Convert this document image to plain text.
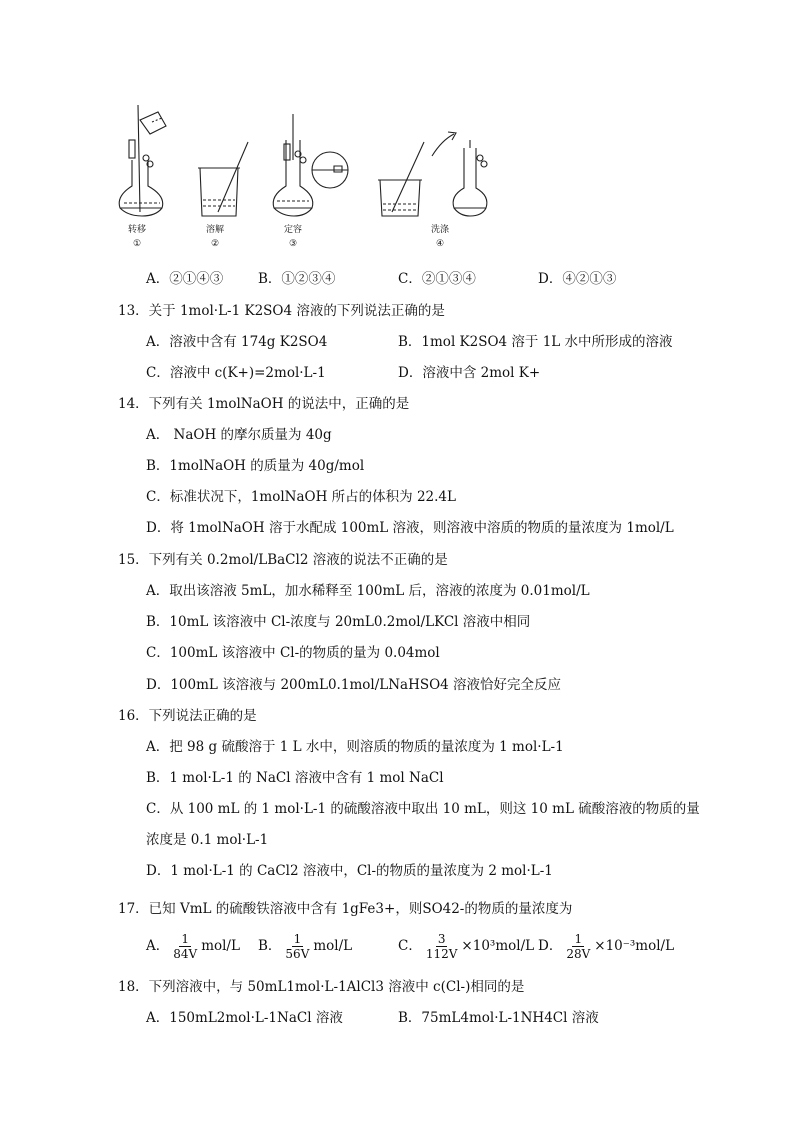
转移
①
溶解
②
定容
③
洗涤
④
A．②①④③	B．①②③④	C．②①③④	D．④②①③
13．关于 1mol·L-1 K2SO4 溶液的下列说法正确的是
A．溶液中含有 174g K2SO4	B．1mol K2SO4 溶于 1L 水中所形成的溶液
C．溶液中 c(K+)=2mol·L-1	D．溶液中含 2mol K+
14．下列有关 1molNaOH 的说法中，正确的是
A． NaOH 的摩尔质量为 40g
B．1molNaOH 的质量为 40g/mol
C．标准状况下，1molNaOH 所占的体积为 22.4L
D．将 1molNaOH 溶于水配成 100mL 溶液，则溶液中溶质的物质的量浓度为 1mol/L
15．下列有关 0.2mol/LBaCl2 溶液的说法不正确的是
A．取出该溶液 5mL，加水稀释至 100mL 后，溶液的浓度为 0.01mol/L
B．10mL 该溶液中 Cl-浓度与 20mL0.2mol/LKCl 溶液中相同
C．100mL 该溶液中 Cl-的物质的量为 0.04mol
D．100mL 该溶液与 200mL0.1mol/LNaHSO4 溶液恰好完全反应
16．下列说法正确的是
A．把 98 g 硫酸溶于 1 L 水中，则溶质的物质的量浓度为 1 mol·L-1
B．1 mol·L-1 的 NaCl 溶液中含有 1 mol NaCl
C．从 100 mL 的 1 mol·L-1 的硫酸溶液中取出 10 mL，则这 10 mL 硫酸溶液的物质的量
浓度是 0.1 mol·L-1
D．1 mol·L-1 的 CaCl2 溶液中，Cl-的物质的量浓度为 2 mol·L-1
17．已知 VmL 的硫酸铁溶液中含有 1gFe3+，则SO42-的物质的量浓度为
A． $\frac{1}{84V} mol/L$ B． $\frac{1}{56V} mol/L$	C． $\frac{3}{112V} \times 10^3mol/L$ D． $\frac{1}{28V} \times 10^{-3}mol/L$
18．下列溶液中，与 50mL1mol·L-1AlCl3 溶液中 c(Cl-)相同的是
A．150mL2mol·L-1NaCl 溶液	B．75mL4mol·L-1NH4Cl 溶液
